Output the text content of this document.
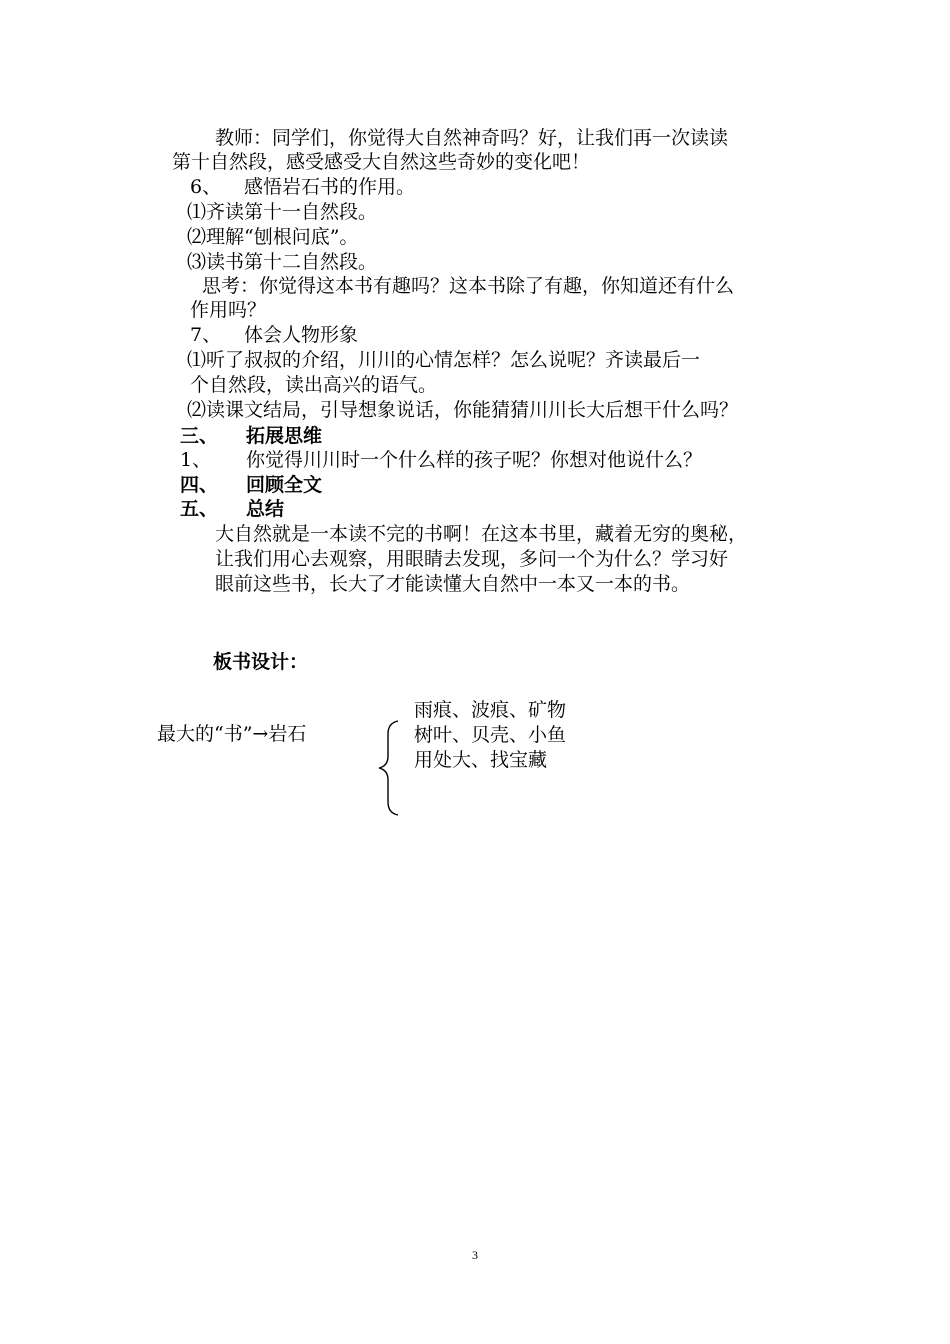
教师：同学们，你觉得大自然神奇吗？好，让我们再一次读读
第十自然段，感受感受大自然这些奇妙的变化吧！
6、 感悟岩石书的作用。
⑴齐读第十一自然段。
⑵理解“刨根问底”。
⑶读书第十二自然段。
思考：你觉得这本书有趣吗？这本书除了有趣，你知道还有什么
作用吗？
7、 体会人物形象
⑴听了叔叔的介绍，川川的心情怎样？怎么说呢？齐读最后一
个自然段，读出高兴的语气。
⑵读课文结局，引导想象说话，你能猜猜川川长大后想干什么吗？
三、 拓展思维
1、 你觉得川川时一个什么样的孩子呢？你想对他说什么？
四、 回顾全文
五、 总结
大自然就是一本读不完的书啊！在这本书里，藏着无穷的奥秘，
让我们用心去观察，用眼睛去发现，多问一个为什么？学习好
眼前这些书，长大了才能读懂大自然中一本又一本的书。
板书设计：
最大的“书”→岩石
雨痕、波痕、矿物
树叶、贝壳、小鱼
用处大、找宝藏
3
